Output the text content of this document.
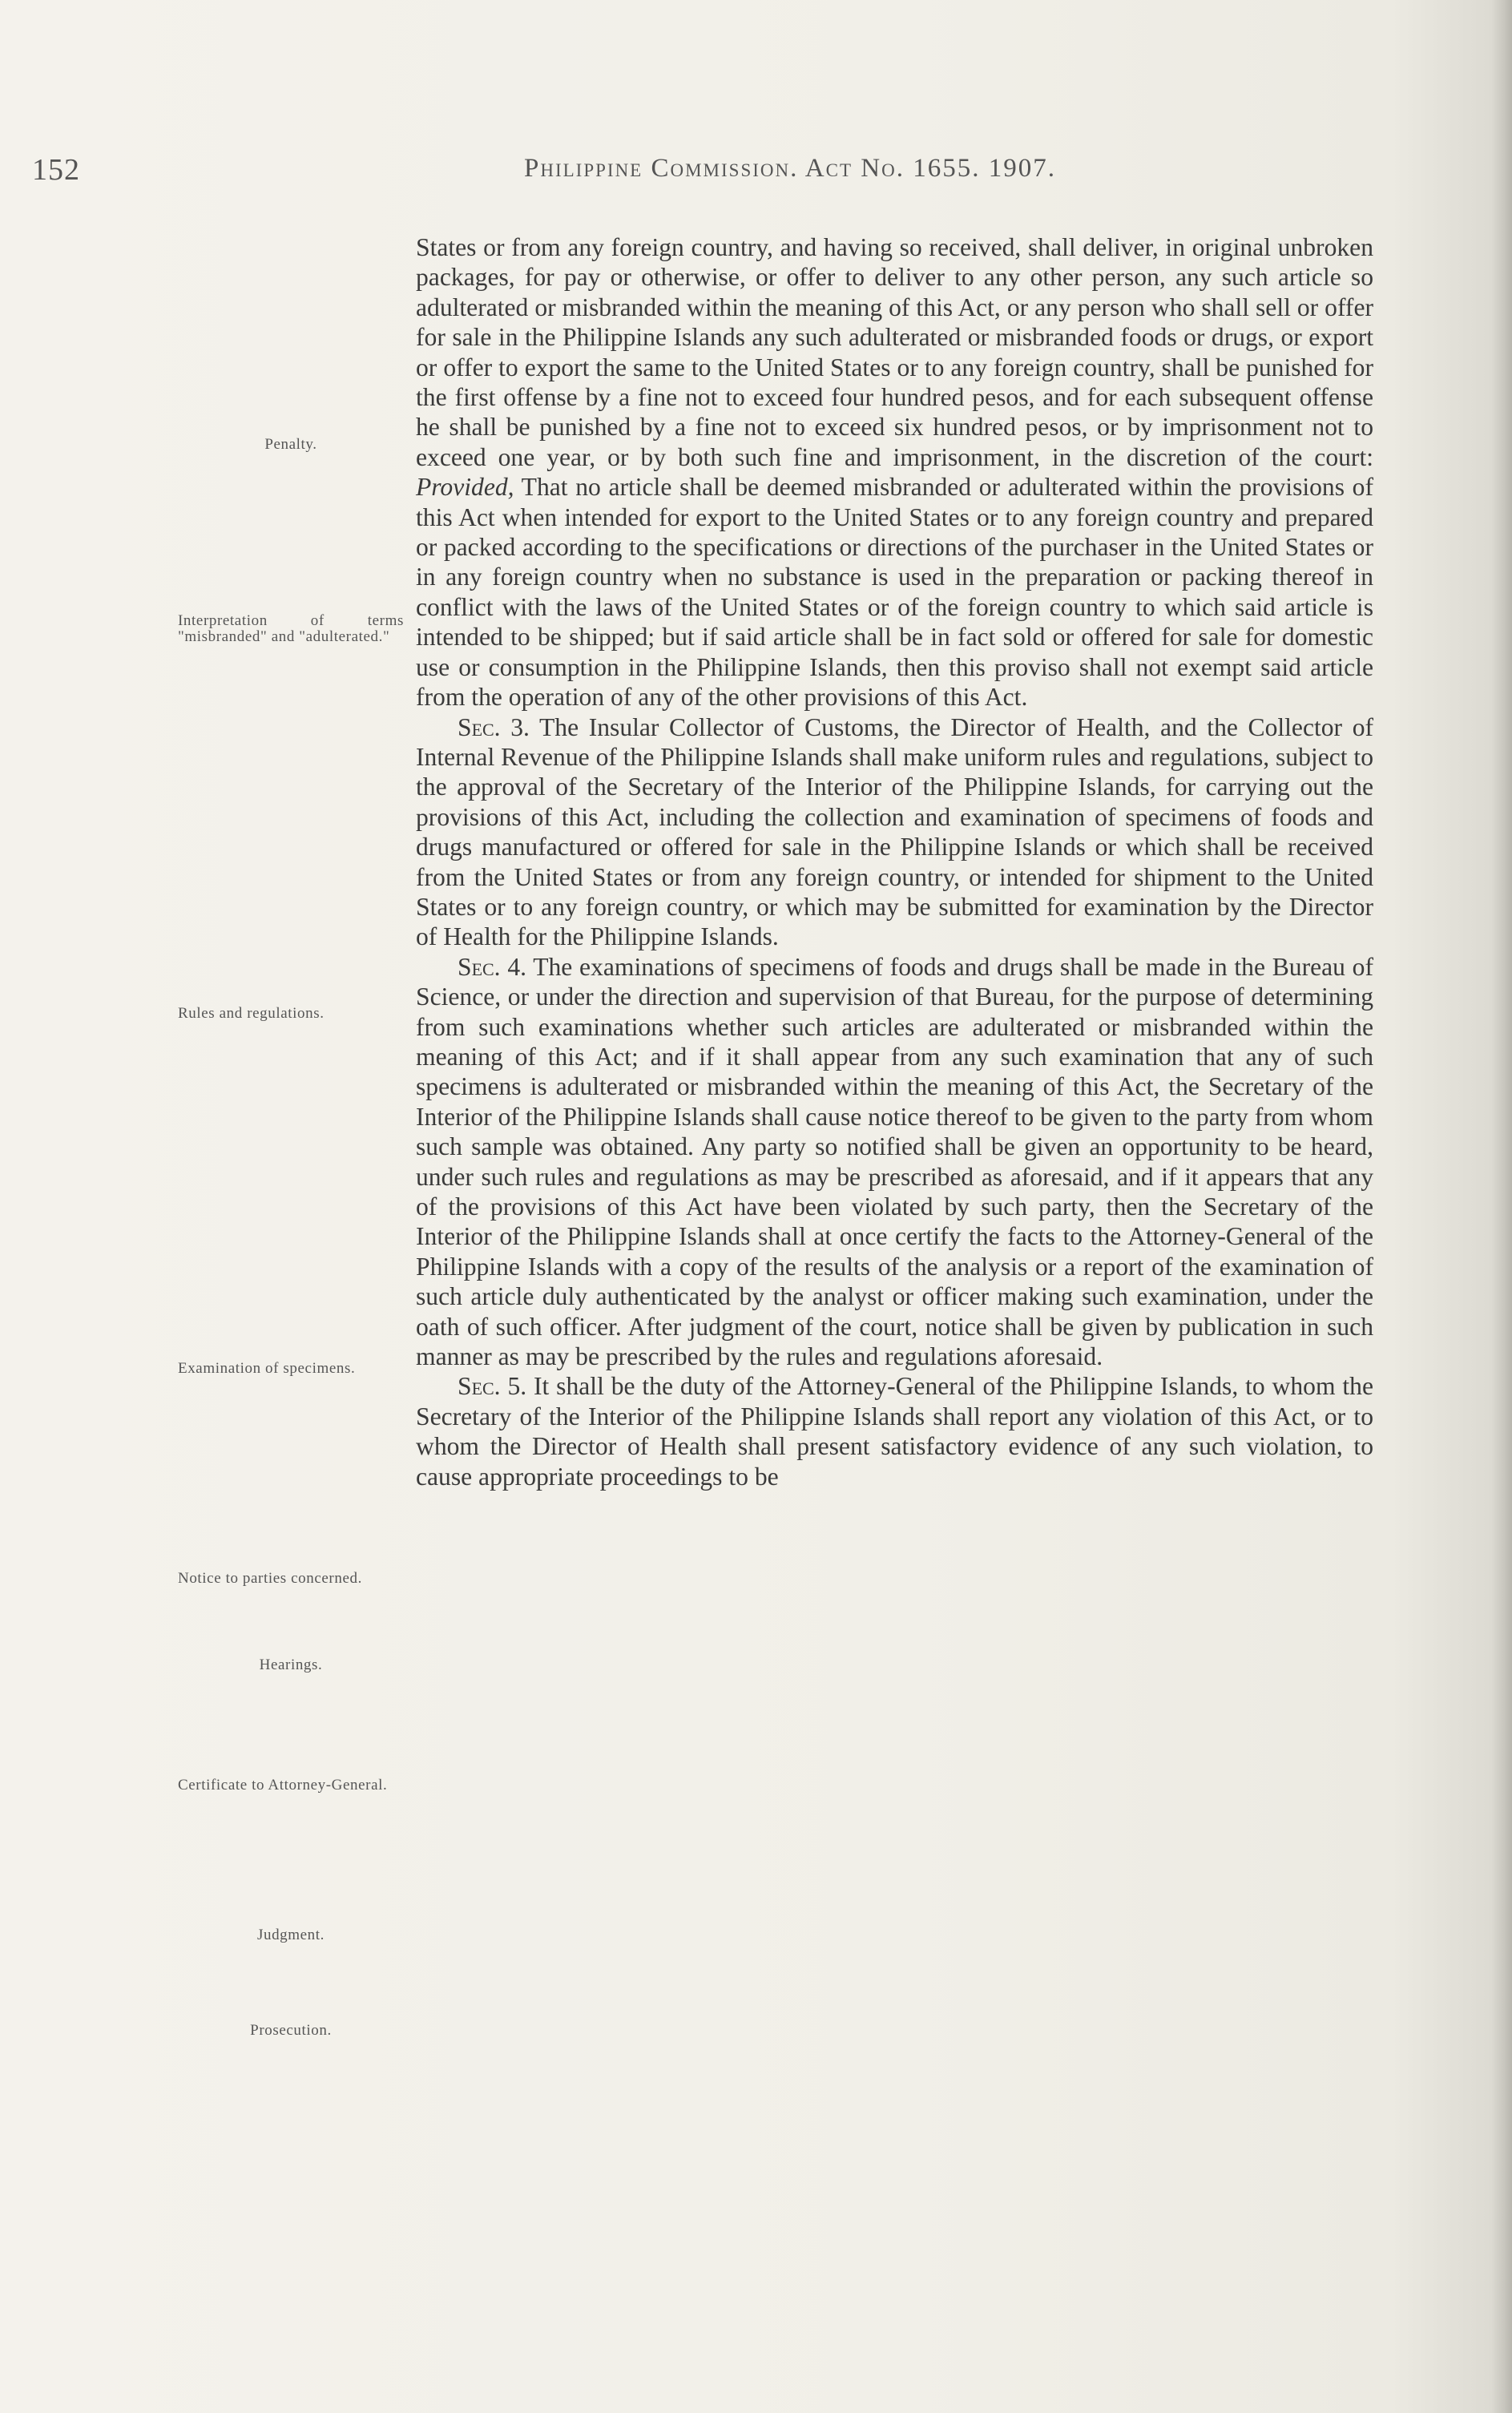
152	Philippine Commission. Act No. 1655. 1907.
Penalty.
Interpretation of terms "misbranded" and "adulterated."
Rules and regulations.
Examination of specimens.
Notice to parties concerned.
Hearings.
Certificate to Attorney-General.
Judgment.
Prosecution.

States or from any foreign country, and having so received, shall deliver, in original unbroken packages, for pay or otherwise, or offer to deliver to any other person, any such article so adulterated or misbranded within the meaning of this Act, or any person who shall sell or offer for sale in the Philippine Islands any such adulterated or misbranded foods or drugs, or export or offer to export the same to the United States or to any foreign country, shall be punished for the first offense by a fine not to exceed four hundred pesos, and for each subsequent offense he shall be punished by a fine not to exceed six hundred pesos, or by imprisonment not to exceed one year, or by both such fine and imprisonment, in the discretion of the court: Provided, That no article shall be deemed misbranded or adulterated within the provisions of this Act when intended for export to the United States or to any foreign country and prepared or packed according to the specifications or directions of the purchaser in the United States or in any foreign country when no substance is used in the preparation or packing thereof in conflict with the laws of the United States or of the foreign country to which said article is intended to be shipped; but if said article shall be in fact sold or offered for sale for domestic use or consumption in the Philippine Islands, then this proviso shall not exempt said article from the operation of any of the other provisions of this Act.

Sec. 3. The Insular Collector of Customs, the Director of Health, and the Collector of Internal Revenue of the Philippine Islands shall make uniform rules and regulations, subject to the approval of the Secretary of the Interior of the Philippine Islands, for carrying out the provisions of this Act, including the collection and examination of specimens of foods and drugs manufactured or offered for sale in the Philippine Islands or which shall be received from the United States or from any foreign country, or intended for shipment to the United States or to any foreign country, or which may be submitted for examination by the Director of Health for the Philippine Islands.

Sec. 4. The examinations of specimens of foods and drugs shall be made in the Bureau of Science, or under the direction and supervision of that Bureau, for the purpose of determining from such examinations whether such articles are adulterated or misbranded within the meaning of this Act; and if it shall appear from any such examination that any of such specimens is adulterated or misbranded within the meaning of this Act, the Secretary of the Interior of the Philippine Islands shall cause notice thereof to be given to the party from whom such sample was obtained. Any party so notified shall be given an opportunity to be heard, under such rules and regulations as may be prescribed as aforesaid, and if it appears that any of the provisions of this Act have been violated by such party, then the Secretary of the Interior of the Philippine Islands shall at once certify the facts to the Attorney-General of the Philippine Islands with a copy of the results of the analysis or a report of the examination of such article duly authenticated by the analyst or officer making such examination, under the oath of such officer. After judgment of the court, notice shall be given by publication in such manner as may be prescribed by the rules and regulations aforesaid.

Sec. 5. It shall be the duty of the Attorney-General of the Philippine Islands, to whom the Secretary of the Interior of the Philippine Islands shall report any violation of this Act, or to whom the Director of Health shall present satisfactory evidence of any such violation, to cause appropriate proceedings to be
